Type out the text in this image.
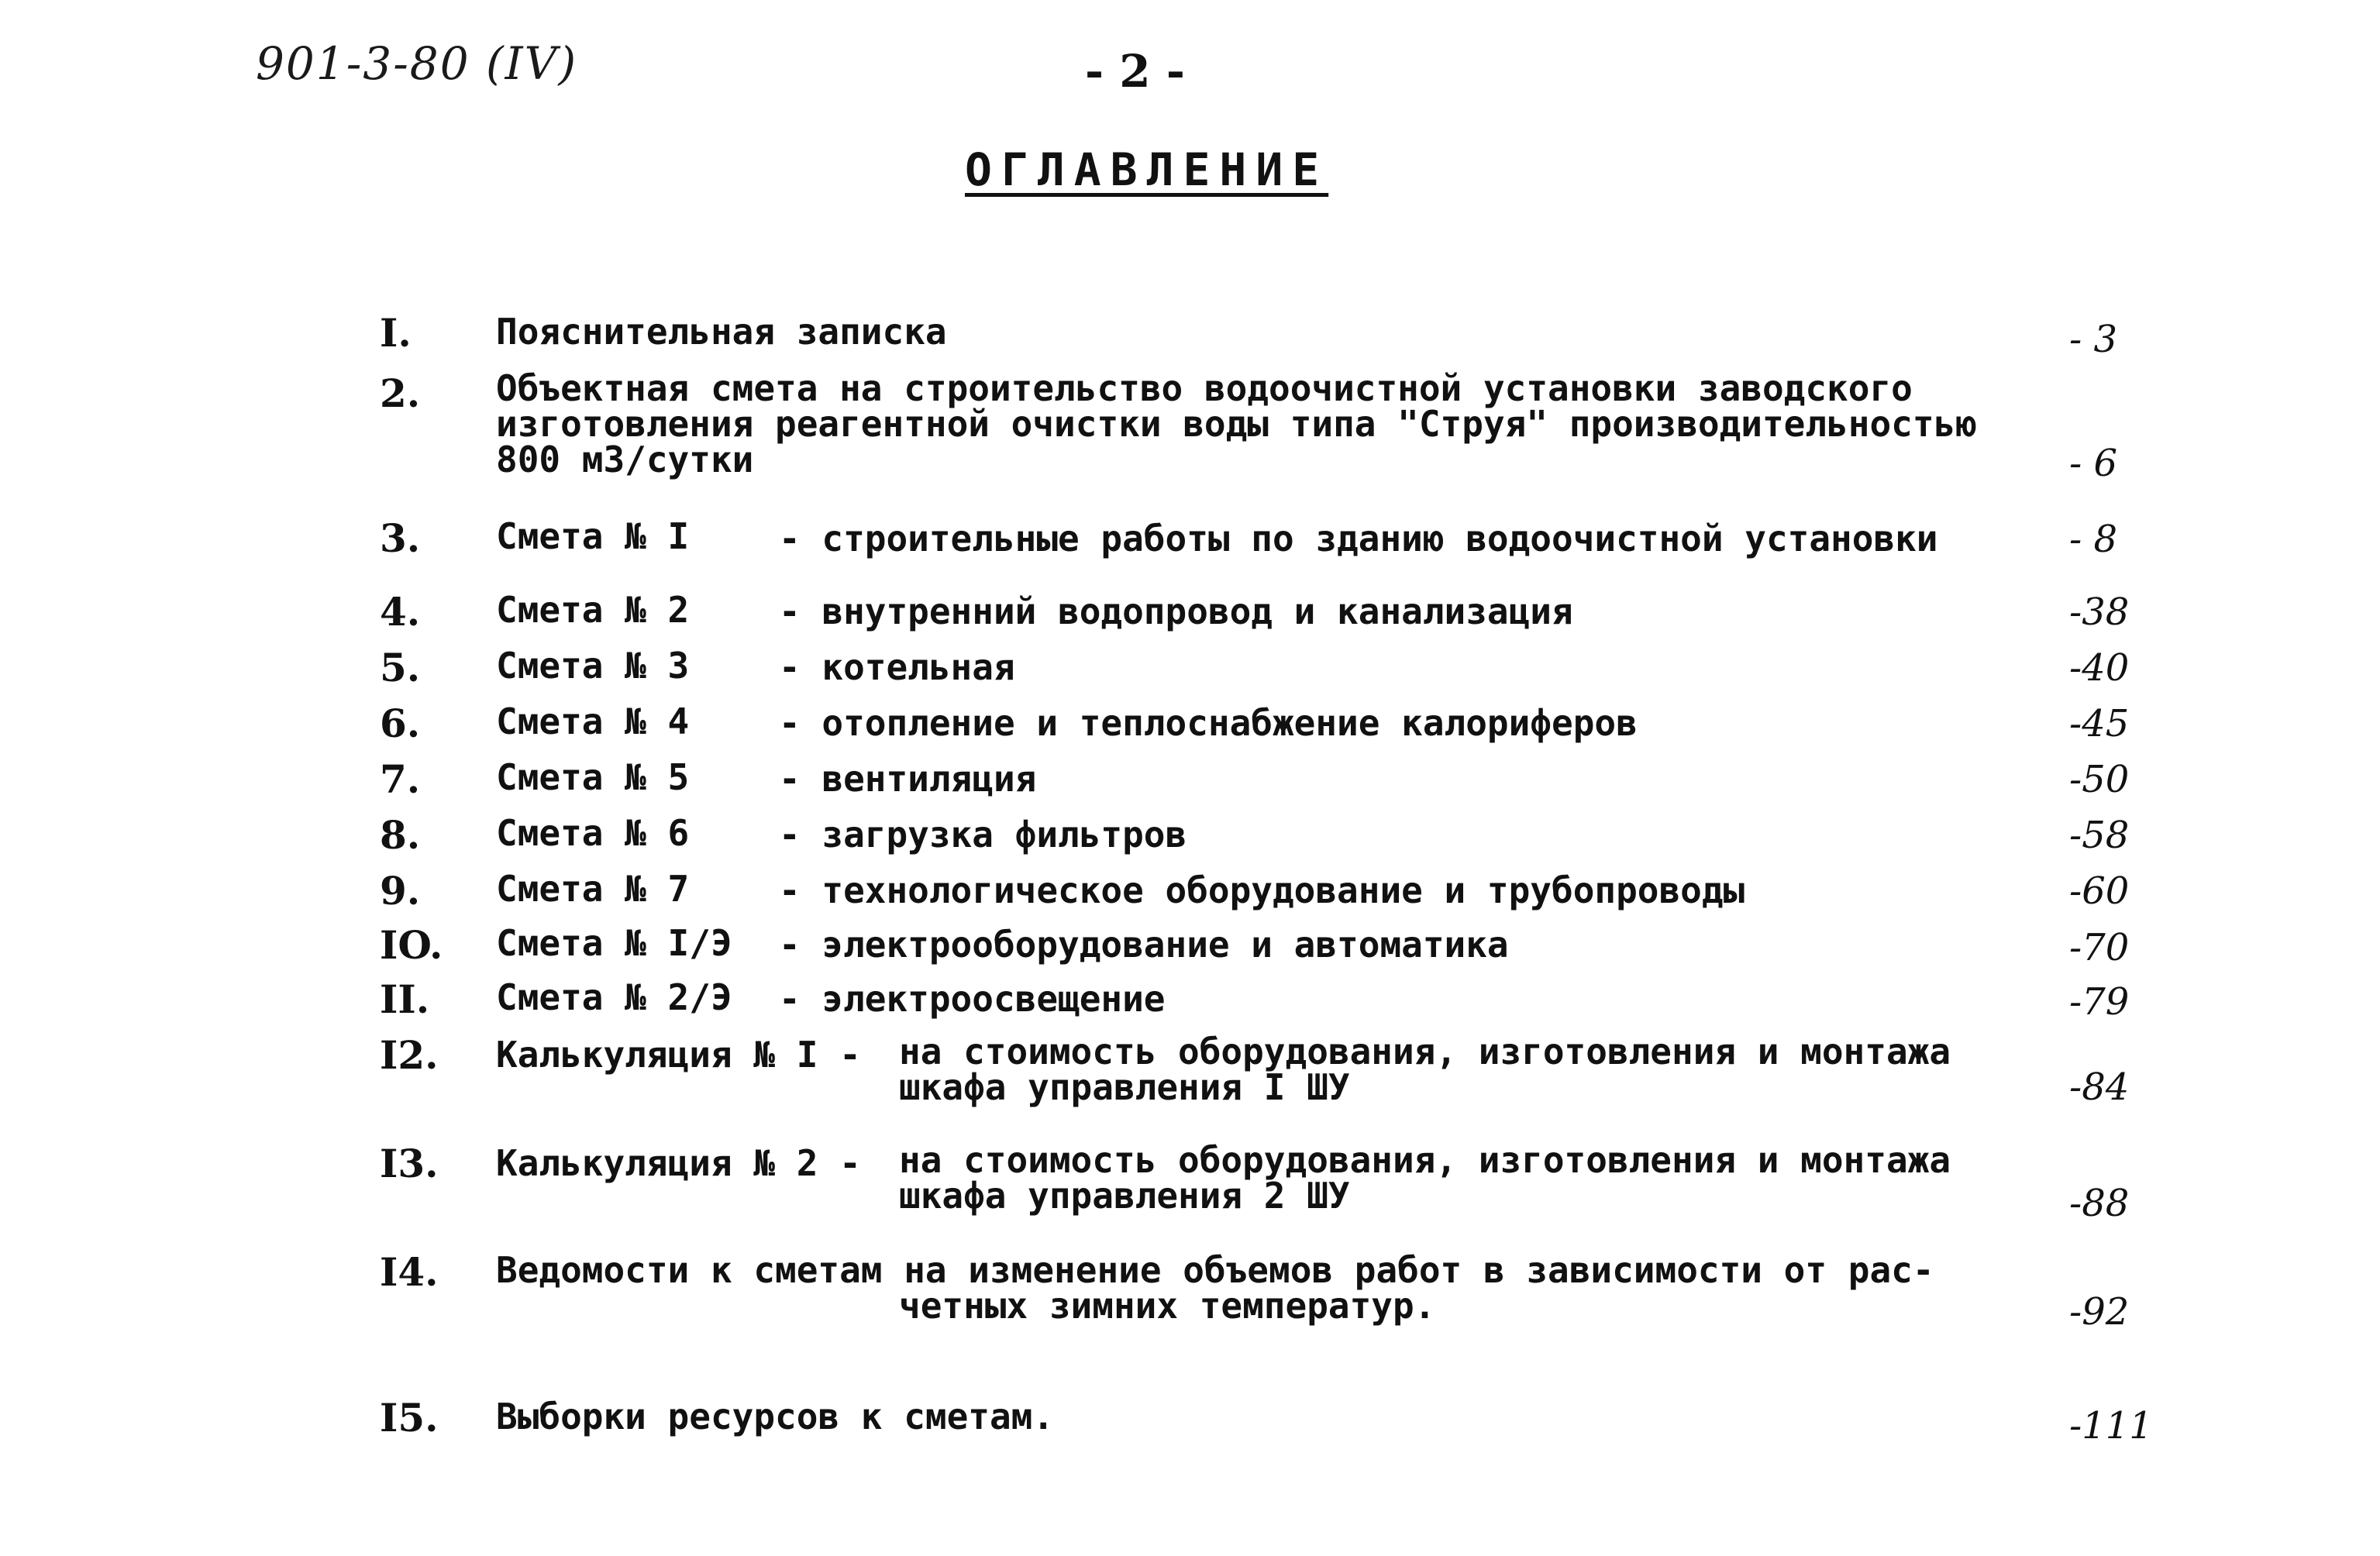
901-3-80 (IV)	- 2 -
ОГЛАВЛЕНИЕ
I. Пояснительная записка	- 3
2. Объектная смета на строительство водоочистной установки заводского
изготовления реагентной очистки воды типа "Струя" производительностью
800 м3/сутки	- 6
3. Смета № I	- строительные работы по зданию водоочистной установки	- 8
4. Смета № 2	- внутренний водопровод и канализация	-38
5. Смета № 3	- котельная	-40
6. Смета № 4	- отопление и теплоснабжение калориферов	-45
7. Смета № 5	- вентиляция	-50
8. Смета № 6	- загрузка фильтров	-58
9. Смета № 7	- технологическое оборудование и трубопроводы	-60
IO. Смета № I/Э - электрооборудование и автоматика	-70
II. Смета № 2/Э - электроосвещение	-79
I2. Калькуляция № I - на стоимость оборудования, изготовления и монтажа
шкафа управления I ШУ	-84
I3. Калькуляция № 2 - на стоимость оборудования, изготовления и монтажа
шкафа управления 2 ШУ	-88
I4. Ведомости к сметам на изменение объемов работ в зависимости от рас-
четных зимних температур.	-92
I5. Выборки ресурсов к сметам.	-111
